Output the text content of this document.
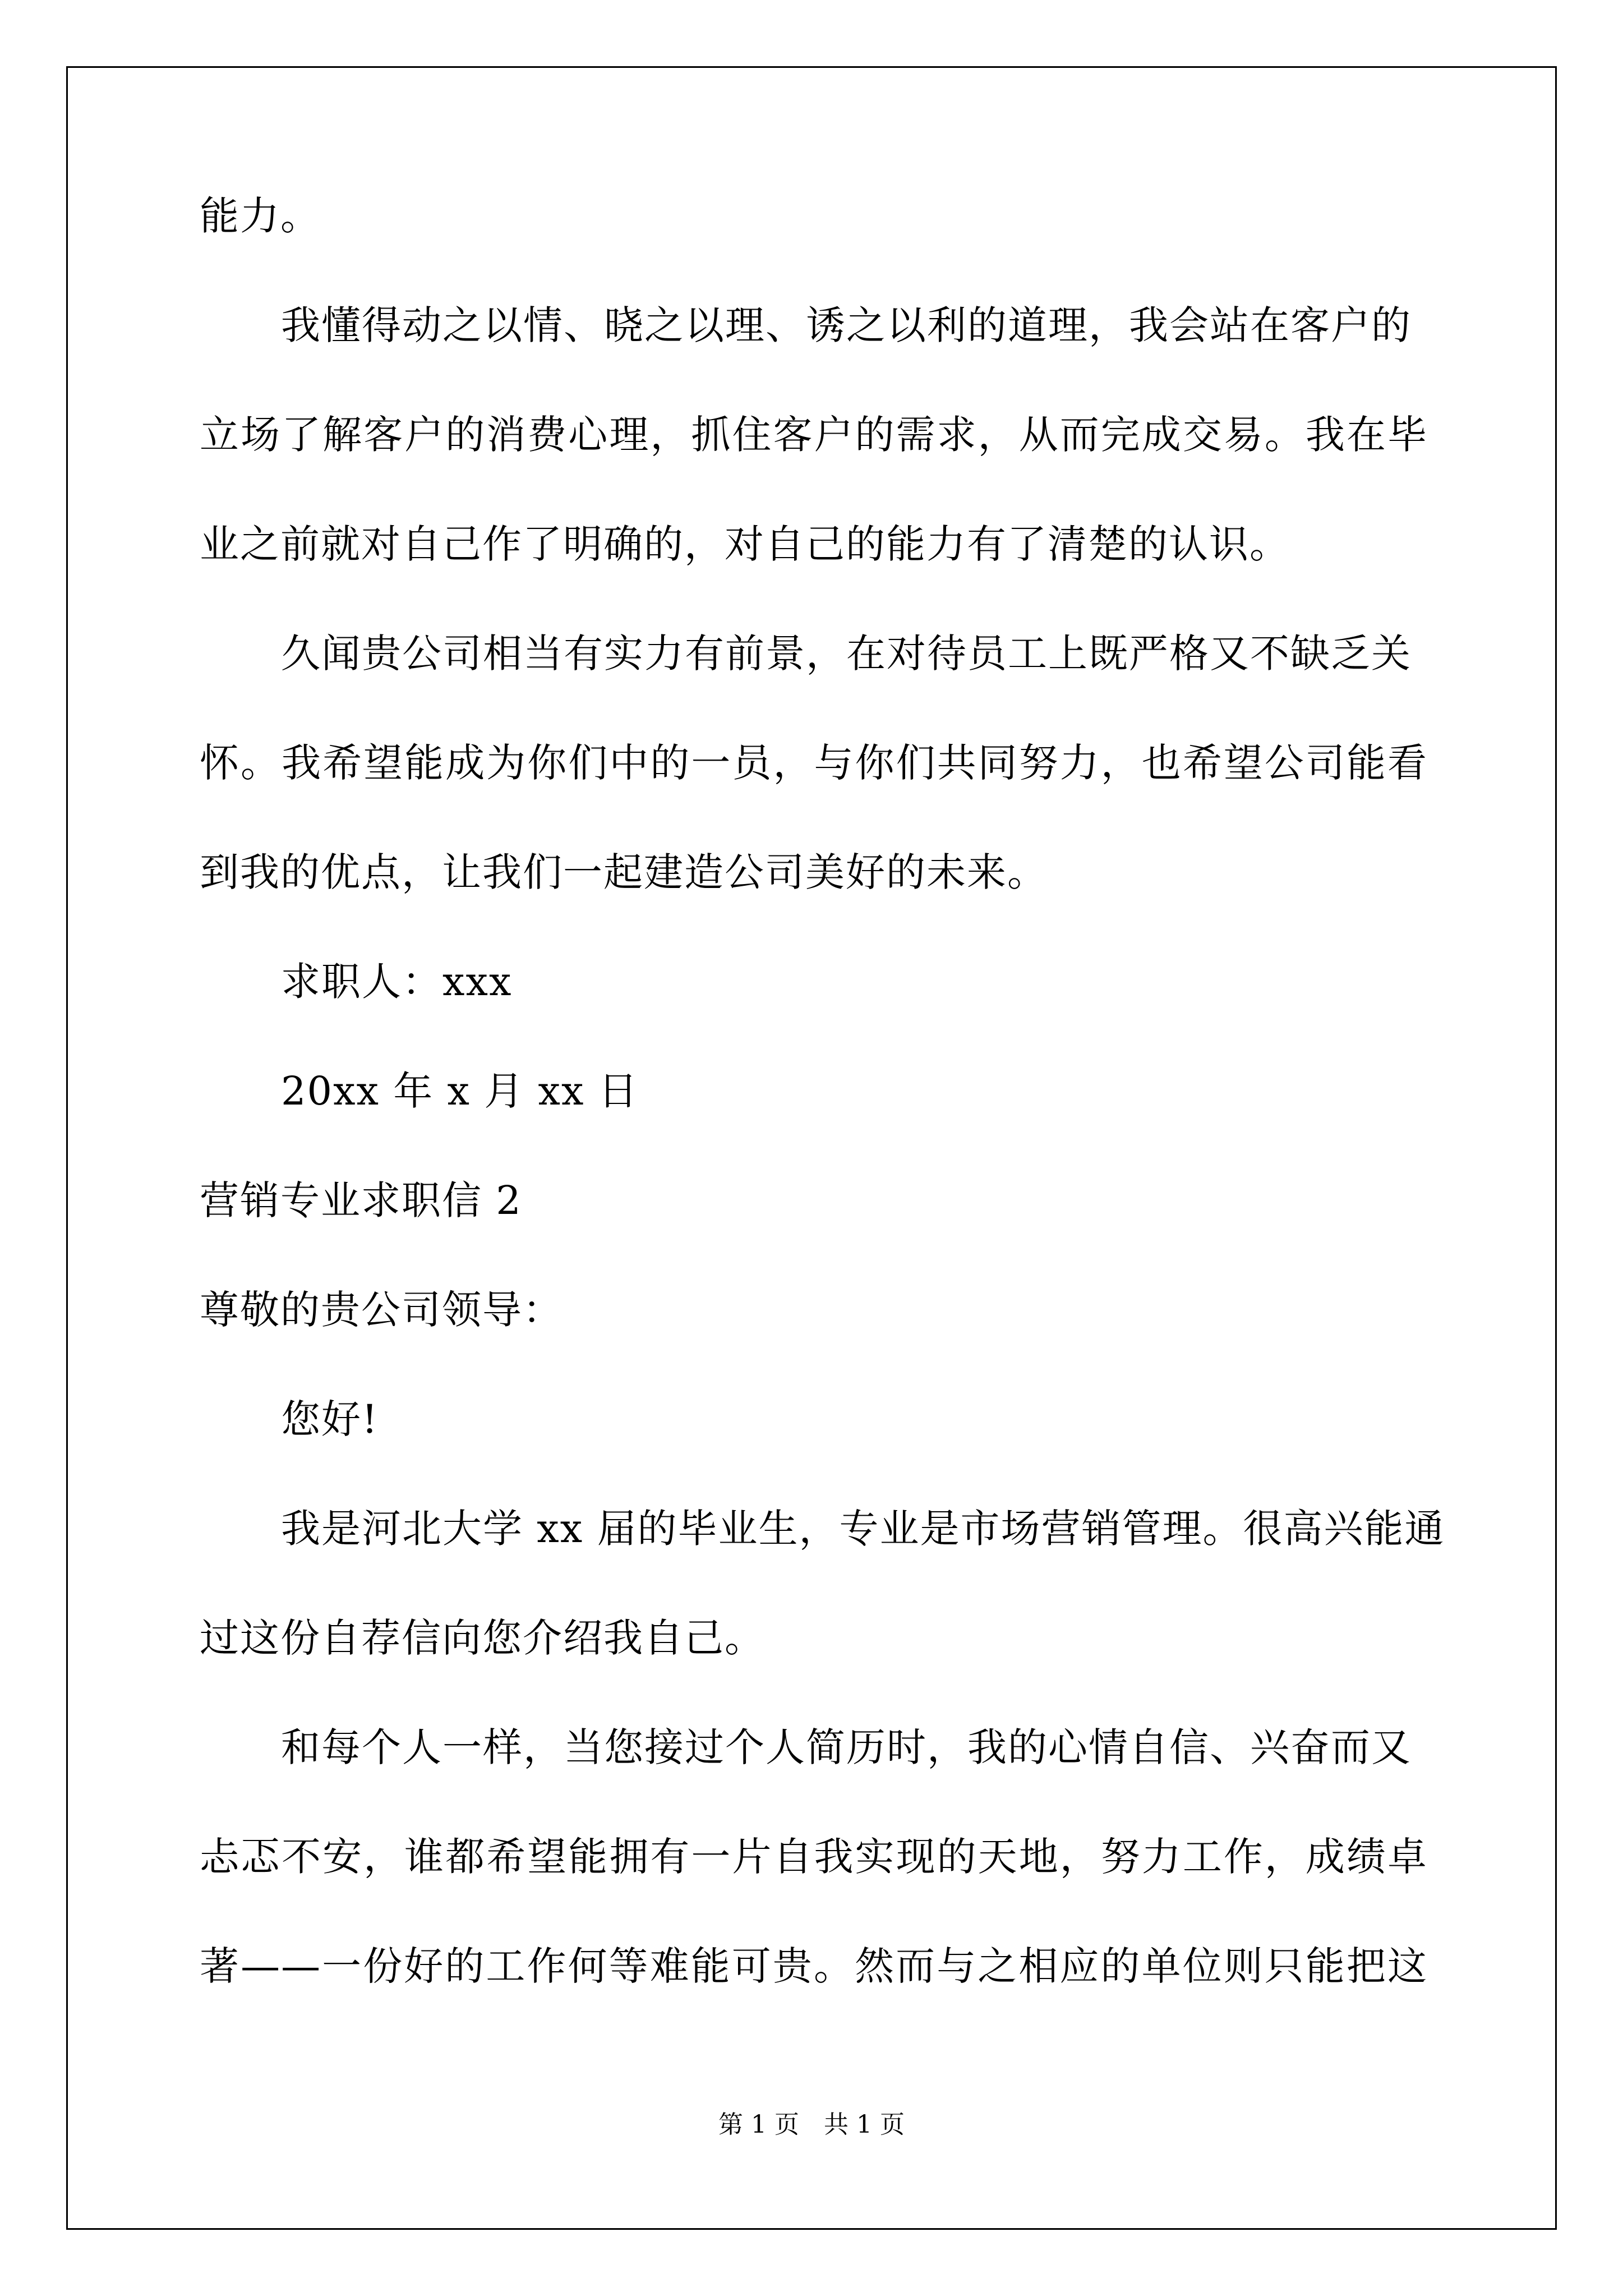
能力。
我懂得动之以情、晓之以理、诱之以利的道理，我会站在客户的
立场了解客户的消费心理，抓住客户的需求，从而完成交易。我在毕
业之前就对自己作了明确的，对自己的能力有了清楚的认识。
久闻贵公司相当有实力有前景，在对待员工上既严格又不缺乏关
怀。我希望能成为你们中的一员，与你们共同努力，也希望公司能看
到我的优点，让我们一起建造公司美好的未来。
求职人：xxx
20xx 年 x 月 xx 日
营销专业求职信 2
尊敬的贵公司领导：
您好!
我是河北大学 xx 届的毕业生，专业是市场营销管理。很高兴能通
过这份自荐信向您介绍我自己。
和每个人一样，当您接过个人简历时，我的心情自信、兴奋而又
忐忑不安，谁都希望能拥有一片自我实现的天地，努力工作，成绩卓
著——一份好的工作何等难能可贵。然而与之相应的单位则只能把这
第 1 页　共 1 页
